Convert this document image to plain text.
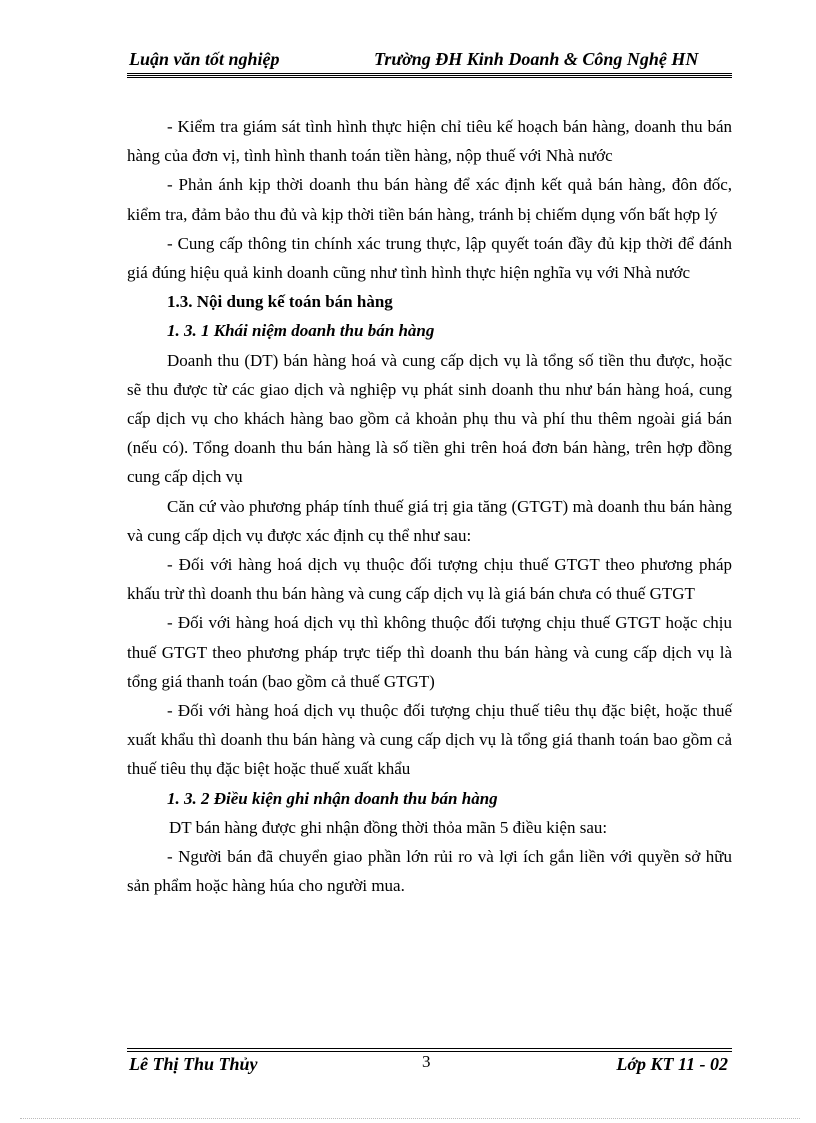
Luận văn tốt nghiệp	Trường ĐH Kinh Doanh & Công Nghệ HN

- Kiểm tra giám sát tình hình thực hiện chỉ tiêu kế hoạch bán hàng, doanh thu bán hàng của đơn vị, tình hình thanh toán tiền hàng, nộp thuế với Nhà nước

- Phản ánh kịp thời doanh thu bán hàng để xác định kết quả bán hàng, đôn đốc, kiểm tra, đảm bảo thu đủ và kịp thời tiền bán hàng, tránh bị chiếm dụng vốn bất hợp lý

- Cung cấp thông tin chính xác trung thực, lập quyết toán đầy đủ kịp thời để đánh giá đúng hiệu quả kinh doanh cũng như tình hình thực hiện nghĩa vụ với Nhà nước

1.3. Nội dung kế toán bán hàng

1. 3. 1 Khái niệm doanh thu bán hàng

Doanh thu (DT) bán hàng hoá và cung cấp dịch vụ là tổng số tiền thu được, hoặc sẽ thu được từ các giao dịch và nghiệp vụ phát sinh doanh thu như bán hàng hoá, cung cấp dịch vụ cho khách hàng bao gồm cả khoản phụ thu và phí thu thêm ngoài giá bán (nếu có). Tổng doanh thu bán hàng là số tiền ghi trên hoá đơn bán hàng, trên hợp đồng cung cấp dịch vụ

Căn cứ vào phương pháp tính thuế giá trị gia tăng (GTGT) mà doanh thu bán hàng và cung cấp dịch vụ được xác định cụ thể như sau:

- Đối với hàng hoá dịch vụ thuộc đối tượng chịu thuế GTGT theo phương pháp khấu trừ thì doanh thu bán hàng và cung cấp dịch vụ là giá bán chưa có thuế GTGT

- Đối với hàng hoá dịch vụ thì không thuộc đối tượng chịu thuế GTGT hoặc chịu thuế GTGT theo phương pháp trực tiếp thì doanh thu bán hàng và cung cấp dịch vụ là tổng giá thanh toán (bao gồm cả thuế GTGT)

- Đối với hàng hoá dịch vụ thuộc đối tượng chịu thuế tiêu thụ đặc biệt, hoặc thuế xuất khẩu thì doanh thu bán hàng và cung cấp dịch vụ là tổng giá thanh toán bao gồm cả thuế tiêu thụ đặc biệt hoặc thuế xuất khẩu

1. 3. 2 Điều kiện ghi nhận doanh thu bán hàng

DT bán hàng được ghi nhận đồng thời thỏa mãn 5 điều kiện sau:

- Người bán đã chuyển giao phần lớn rủi ro và lợi ích gắn liền với quyền sở hữu sản phẩm hoặc hàng húa cho người mua.

Lê Thị Thu Thủy	3	Lớp KT 11 - 02
